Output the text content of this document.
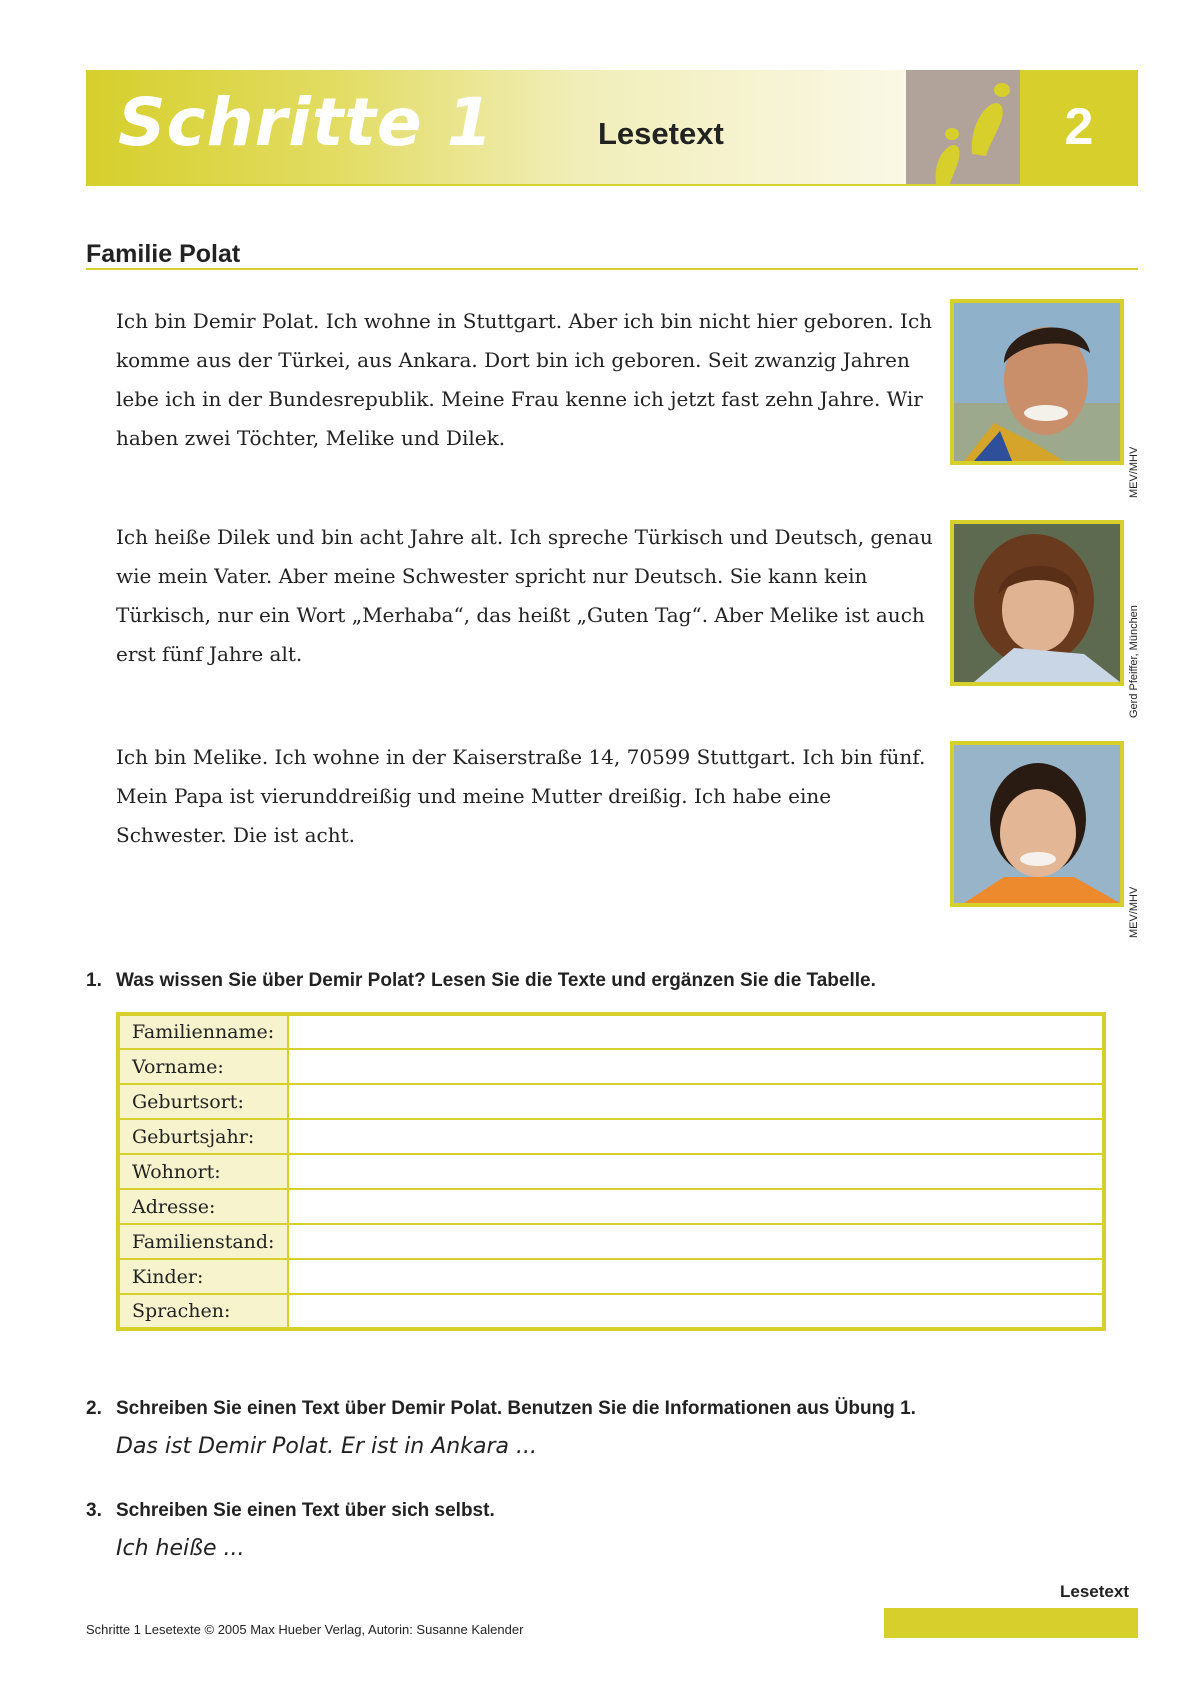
Schritte 1	Lesetext	2
Familie Polat

Ich bin Demir Polat. Ich wohne in Stuttgart. Aber ich bin nicht hier geboren. Ich komme aus der Türkei, aus Ankara. Dort bin ich geboren. Seit zwanzig Jahren lebe ich in der Bundesrepublik. Meine Frau kenne ich jetzt fast zehn Jahre. Wir haben zwei Töchter, Melike und Dilek.

Ich heiße Dilek und bin acht Jahre alt. Ich spreche Türkisch und Deutsch, genau wie mein Vater. Aber meine Schwester spricht nur Deutsch. Sie kann kein Türkisch, nur ein Wort „Merhaba“, das heißt „Guten Tag“. Aber Melike ist auch erst fünf Jahre alt.

Ich bin Melike. Ich wohne in der Kaiserstraße 14, 70599 Stuttgart. Ich bin fünf. Mein Papa ist vierunddreißig und meine Mutter dreißig. Ich habe eine Schwester. Die ist acht.

MEV/MHV
Gerd Pfeiffer, München
MEV/MHV
1. Was wissen Sie über Demir Polat? Lesen Sie die Texte und ergänzen Sie die Tabelle.
Familienname:	
Vorname:	
Geburtsort:	
Geburtsjahr:	
Wohnort:	
Adresse:	
Familienstand:	
Kinder:	
Sprachen:	
2. Schreiben Sie einen Text über Demir Polat. Benutzen Sie die Informationen aus Übung 1.
Das ist Demir Polat. Er ist in Ankara ...
3. Schreiben Sie einen Text über sich selbst.
Ich heiße ...
Lesetext
Schritte 1 Lesetexte © 2005 Max Hueber Verlag, Autorin: Susanne Kalender
